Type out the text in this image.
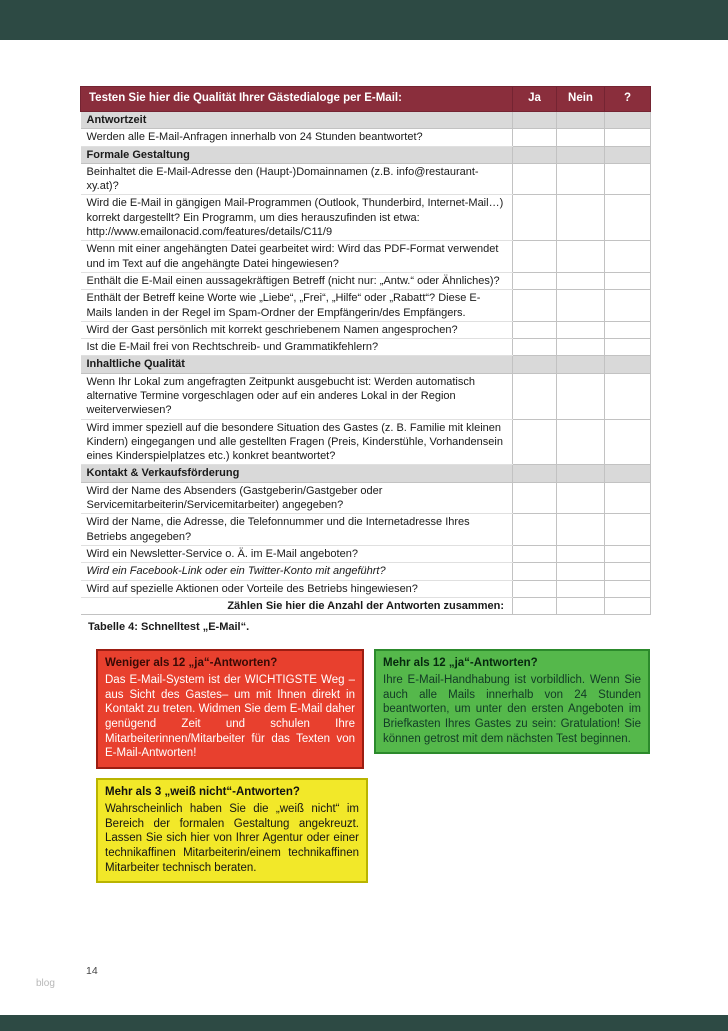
Testen Sie hier die Qualität Ihrer Gästedialoge per E-Mail:	Ja	Nein	?
Antwortzeit			
Werden alle E-Mail-Anfragen innerhalb von 24 Stunden beantwortet?			
Formale Gestaltung			
Beinhaltet die E-Mail-Adresse den (Haupt-)Domainnamen (z.B. info@restaurant-xy.at)?			
Wird die E-Mail in gängigen Mail-Programmen (Outlook, Thunderbird, Internet-Mail…) korrekt dargestellt? Ein Programm, um dies herauszufinden ist etwa: http://www.emailonacid.com/features/details/C11/9			
Wenn mit einer angehängten Datei gearbeitet wird: Wird das PDF-Format verwendet und im Text auf die angehängte Datei hingewiesen?			
Enthält die E-Mail einen aussagekräftigen Betreff (nicht nur: „Antw.“ oder Ähnliches)?			
Enthält der Betreff keine Worte wie „Liebe“, „Frei“, „Hilfe“ oder „Rabatt“? Diese E-Mails landen in der Regel im Spam-Ordner der Empfängerin/des Empfängers.			
Wird der Gast persönlich mit korrekt geschriebenem Namen angesprochen?			
Ist die E-Mail frei von Rechtschreib- und Grammatikfehlern?			
Inhaltliche Qualität			
Wenn Ihr Lokal zum angefragten Zeitpunkt ausgebucht ist: Werden automatisch alternative Termine vorgeschlagen oder auf ein anderes Lokal in der Region weiterverwiesen?			
Wird immer speziell auf die besondere Situation des Gastes (z. B. Familie mit kleinen Kindern) eingegangen und alle gestellten Fragen (Preis, Kinderstühle, Vorhandensein eines Kinderspielplatzes etc.) konkret beantwortet?			
Kontakt & Verkaufsförderung			
Wird der Name des Absenders (Gastgeberin/Gastgeber oder Servicemitarbeiterin/Servicemitarbeiter) angegeben?			
Wird der Name, die Adresse, die Telefonnummer und die Internetadresse Ihres Betriebs angegeben?			
Wird ein Newsletter-Service o. Ä. im E-Mail angeboten?			
Wird ein Facebook-Link oder ein Twitter-Konto mit angeführt?			
Wird auf spezielle Aktionen oder Vorteile des Betriebs hingewiesen?			
Zählen Sie hier die Anzahl der Antworten zusammen:			
Tabelle 4: Schnelltest „E-Mail“.
Weniger als 12 „ja“-Antworten?
Das E-Mail-System ist der WICHTIGSTE Weg – aus Sicht des Gastes– um mit Ihnen direkt in Kontakt zu treten. Widmen Sie dem E-Mail daher genügend Zeit und schulen Ihre Mitarbeiterinnen/Mitarbeiter für das Texten von E-Mail-Antworten!
Mehr als 12 „ja“-Antworten?
Ihre E-Mail-Handhabung ist vorbildlich. Wenn Sie auch alle Mails innerhalb von 24 Stunden beantworten, um unter den ersten Angeboten im Briefkasten Ihres Gastes zu sein: Gratulation! Sie können getrost mit dem nächsten Test beginnen.
Mehr als 3 „weiß nicht“-Antworten?
Wahrscheinlich haben Sie die „weiß nicht“ im Bereich der formalen Gestaltung angekreuzt. Lassen Sie sich hier von Ihrer Agentur oder einer technikaffinen Mitarbeiterin/einem technikaffinen Mitarbeiter technisch beraten.
14
blog
